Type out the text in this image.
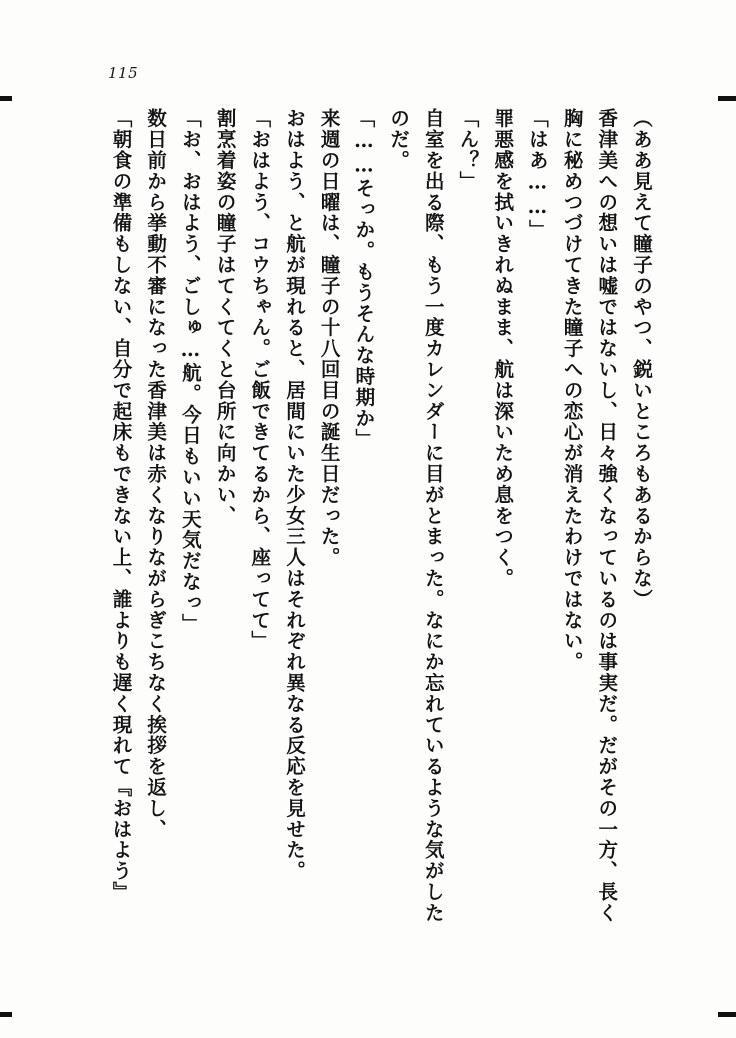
115

（ああ見えて瞳子のやつ、鋭いところもあるからな）

香津美への想いは嘘ではないし、日々強くなっているのは事実だ。だがその一方、長く胸に秘めつづけてきた瞳子への恋心が消えたわけではない。

「はあ……」

罪悪感を拭いきれぬまま、航は深いため息をつく。

「ん？」

自室を出る際、もう一度カレンダーに目がとまった。なにか忘れているような気がしたのだ。

「……そっか。もうそんな時期か」

来週の日曜は、瞳子の十八回目の誕生日だった。

おはよう、と航が現れると、居間にいた少女三人はそれぞれ異なる反応を見せた。

「おはよう、コウちゃん。ご飯できてるから、座ってて」

割烹着姿の瞳子はてくてくと台所に向かい、

「お、おはよう、ごしゅ…航。今日もいい天気だなっ」

数日前から挙動不審になった香津美は赤くなりながらぎこちなく挨拶を返し、

「朝食の準備もしない、自分で起床もできない上、誰よりも遅く現れて『おはよう』
